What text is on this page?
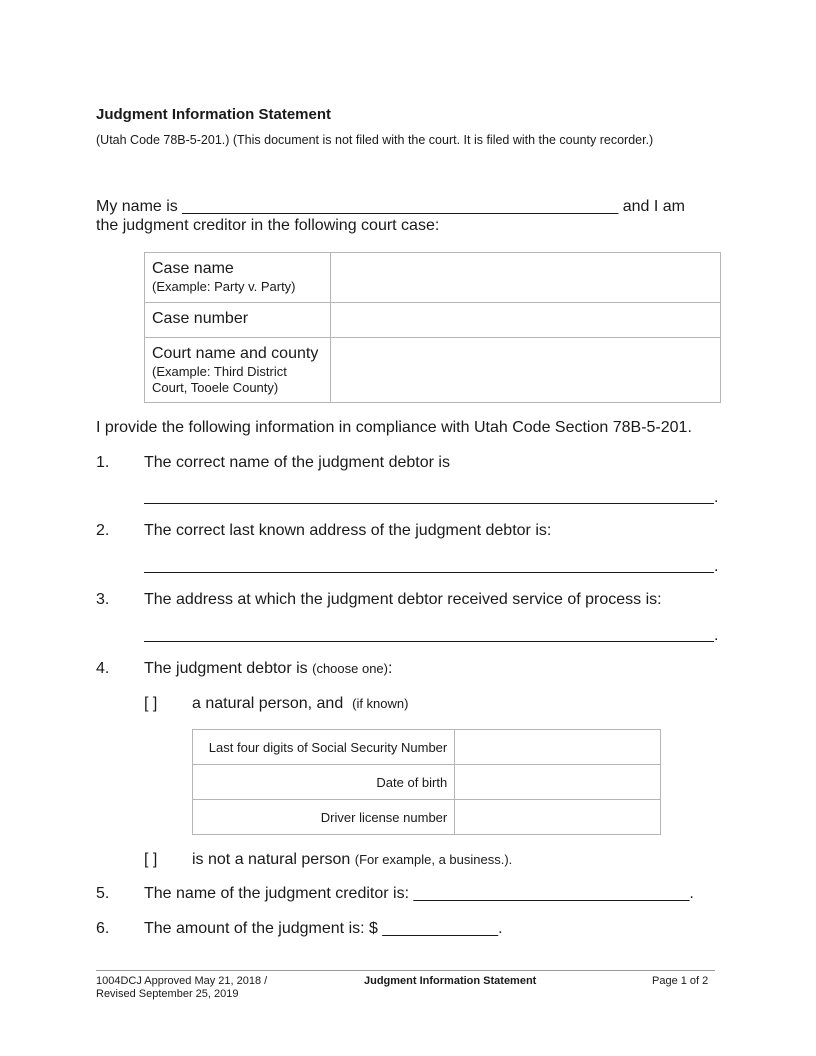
Judgment Information Statement
(Utah Code 78B-5-201.) (This document is not filed with the court. It is filed with the county recorder.)
My name is _________________________________________________ and I am
the judgment creditor in the following court case:
Case name
(Example: Party v. Party)	

Case number	
Court name and county
(Example: Third District Court, Tooele County)	

I provide the following information in compliance with Utah Code Section 78B-5-201.
1. The correct name of the judgment debtor is
.
2. The correct last known address of the judgment debtor is:
.
3. The address at which the judgment debtor received service of process is:
.
4. The judgment debtor is (choose one):
[ ] a natural person, and (if known)
Last four digits of Social Security Number	
Date of birth	
Driver license number	
[ ] is not a natural person (For example, a business.).
5. The name of the judgment creditor is: _______________________________.
6. The amount of the judgment is: $ _____________.
1004DCJ Approved May 21, 2018 /
Revised September 25, 2019
Judgment Information Statement	Page 1 of 2
